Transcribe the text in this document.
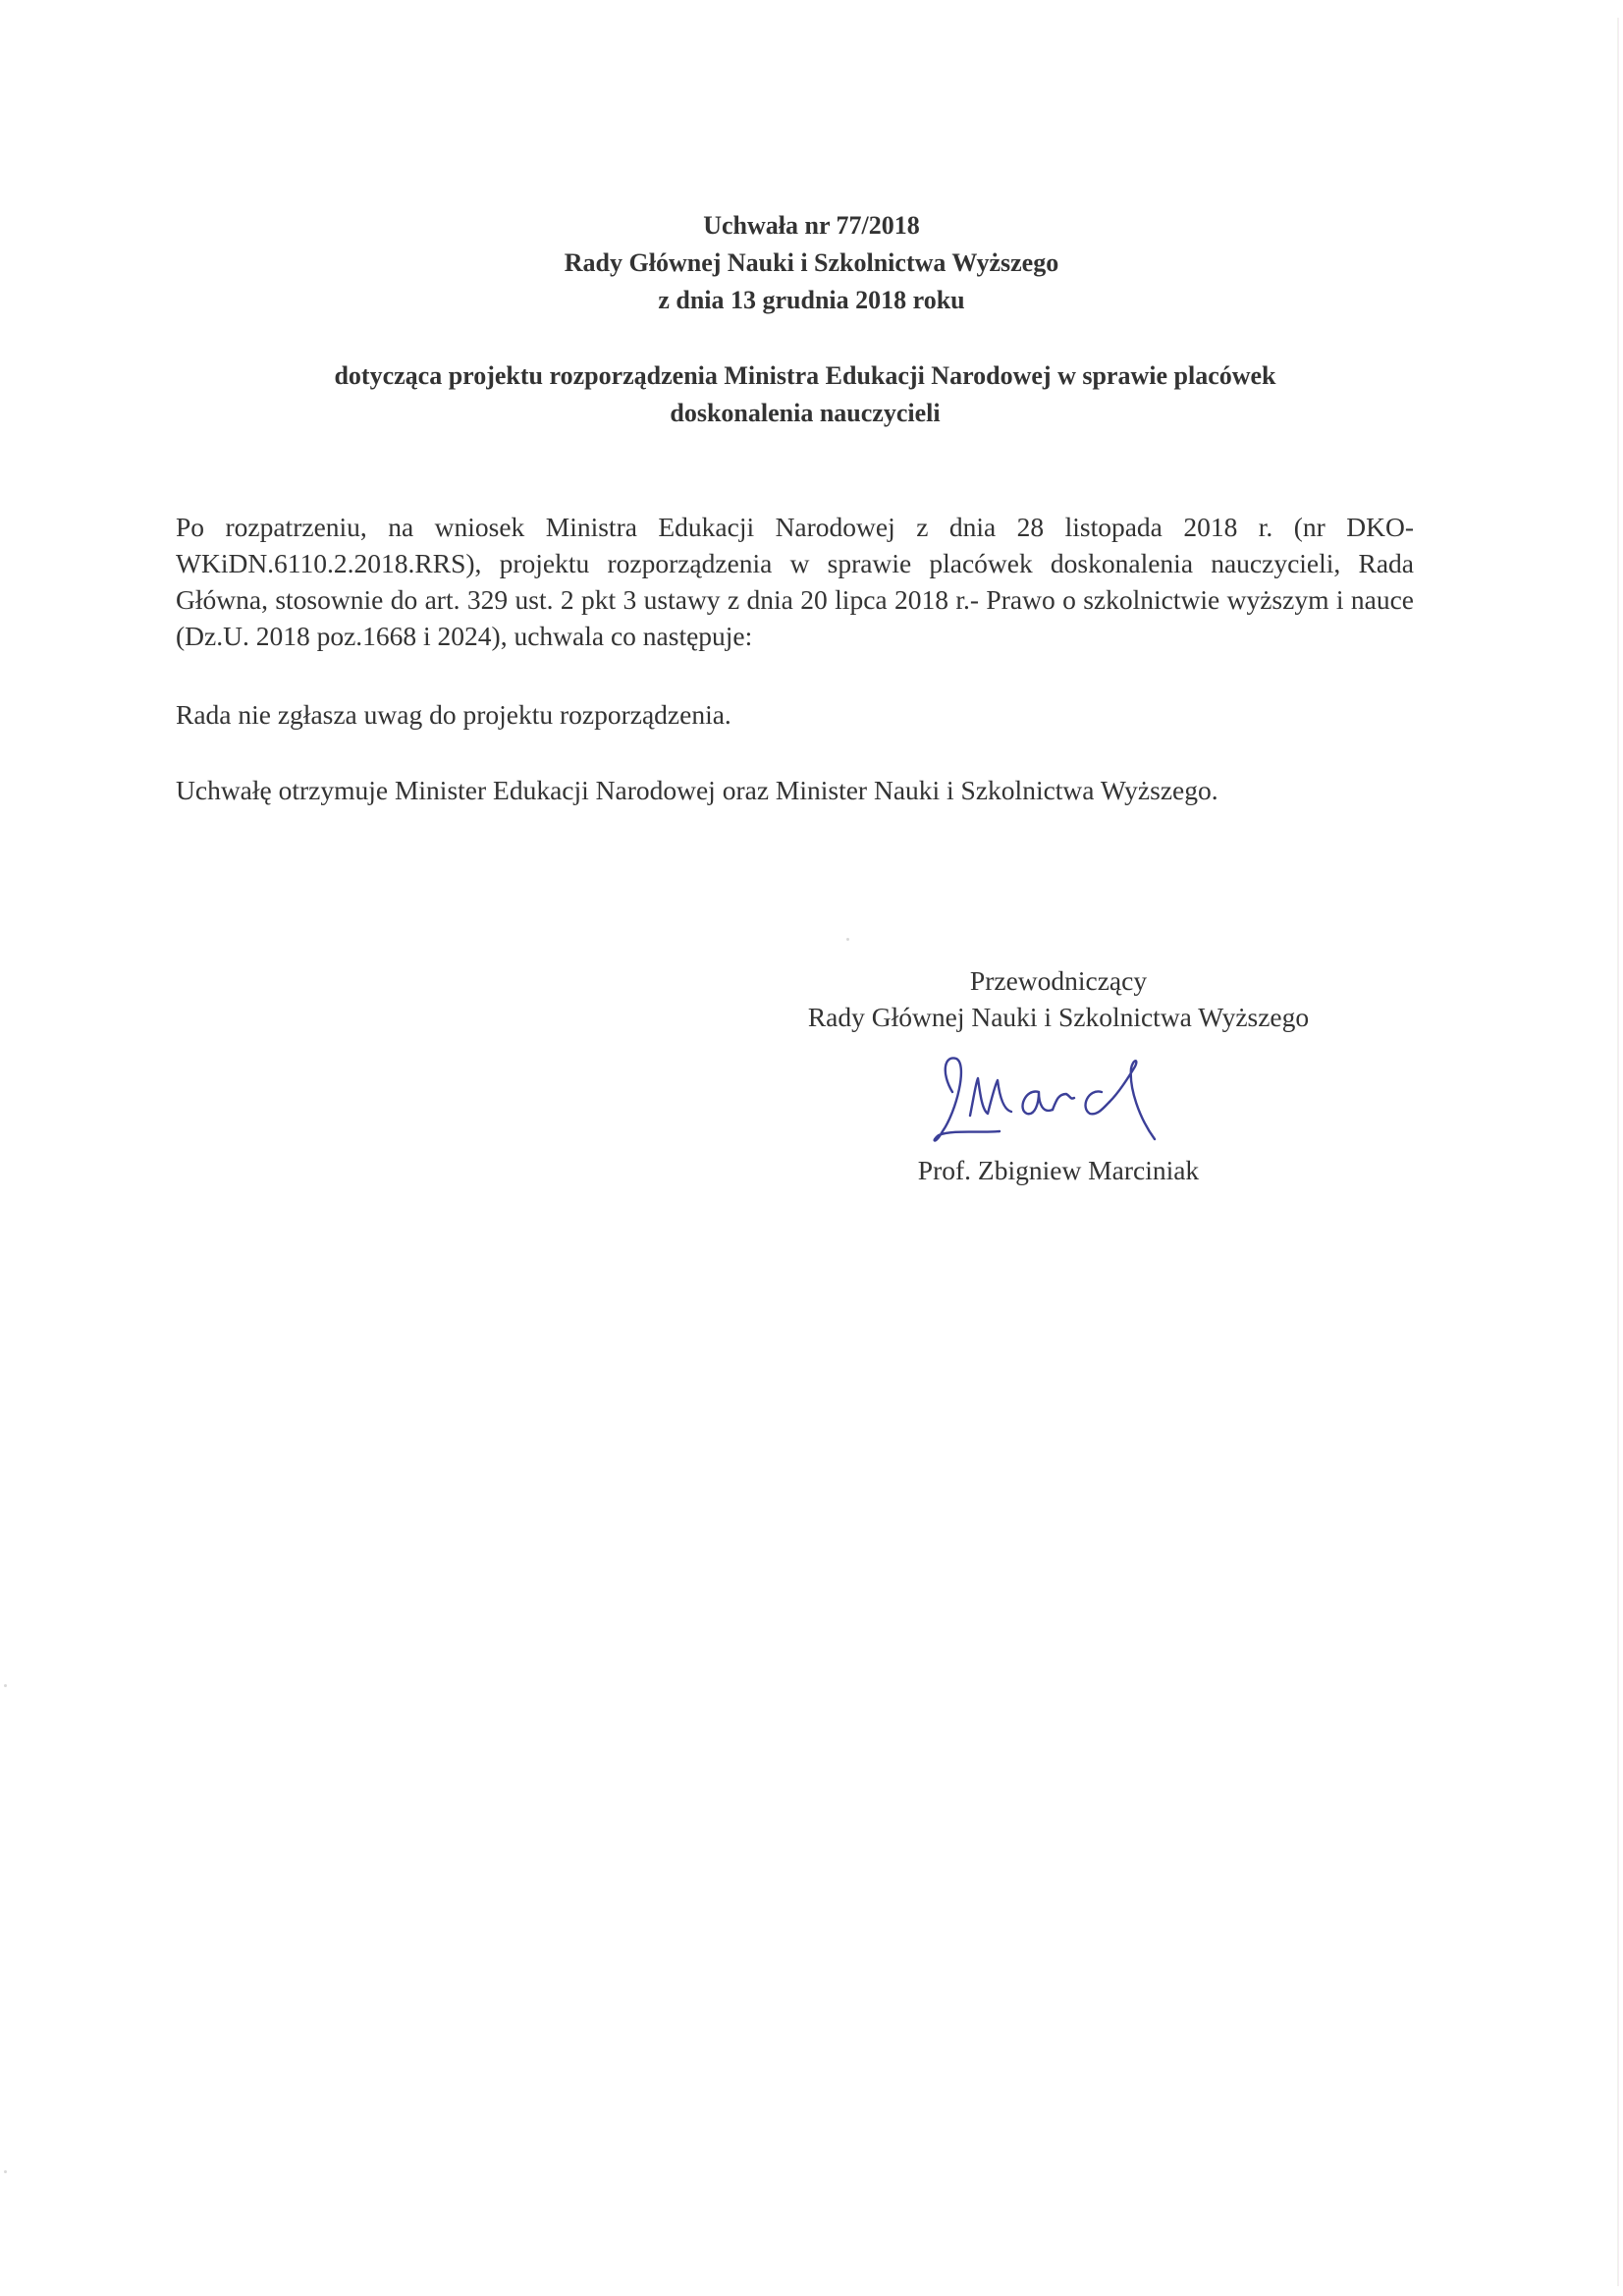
Uchwała nr 77/2018
Rady Głównej Nauki i Szkolnictwa Wyższego
z dnia 13 grudnia 2018 roku
dotycząca projektu rozporządzenia Ministra Edukacji Narodowej w sprawie placówek
doskonalenia nauczycieli
Po rozpatrzeniu, na wniosek Ministra Edukacji Narodowej z dnia 28 listopada 2018 r. (nr DKO-WKiDN.6110.2.2018.RRS), projektu rozporządzenia w sprawie placówek doskonalenia nauczycieli, Rada Główna, stosownie do art. 329 ust. 2 pkt 3 ustawy z dnia 20 lipca 2018 r.- Prawo o szkolnictwie wyższym i nauce (Dz.U. 2018 poz.1668 i 2024), uchwala co następuje:
Rada nie zgłasza uwag do projektu rozporządzenia.
Uchwałę otrzymuje Minister Edukacji Narodowej oraz Minister Nauki i Szkolnictwa Wyższego.
Przewodniczący
Rady Głównej Nauki i Szkolnictwa Wyższego
Prof. Zbigniew Marciniak
